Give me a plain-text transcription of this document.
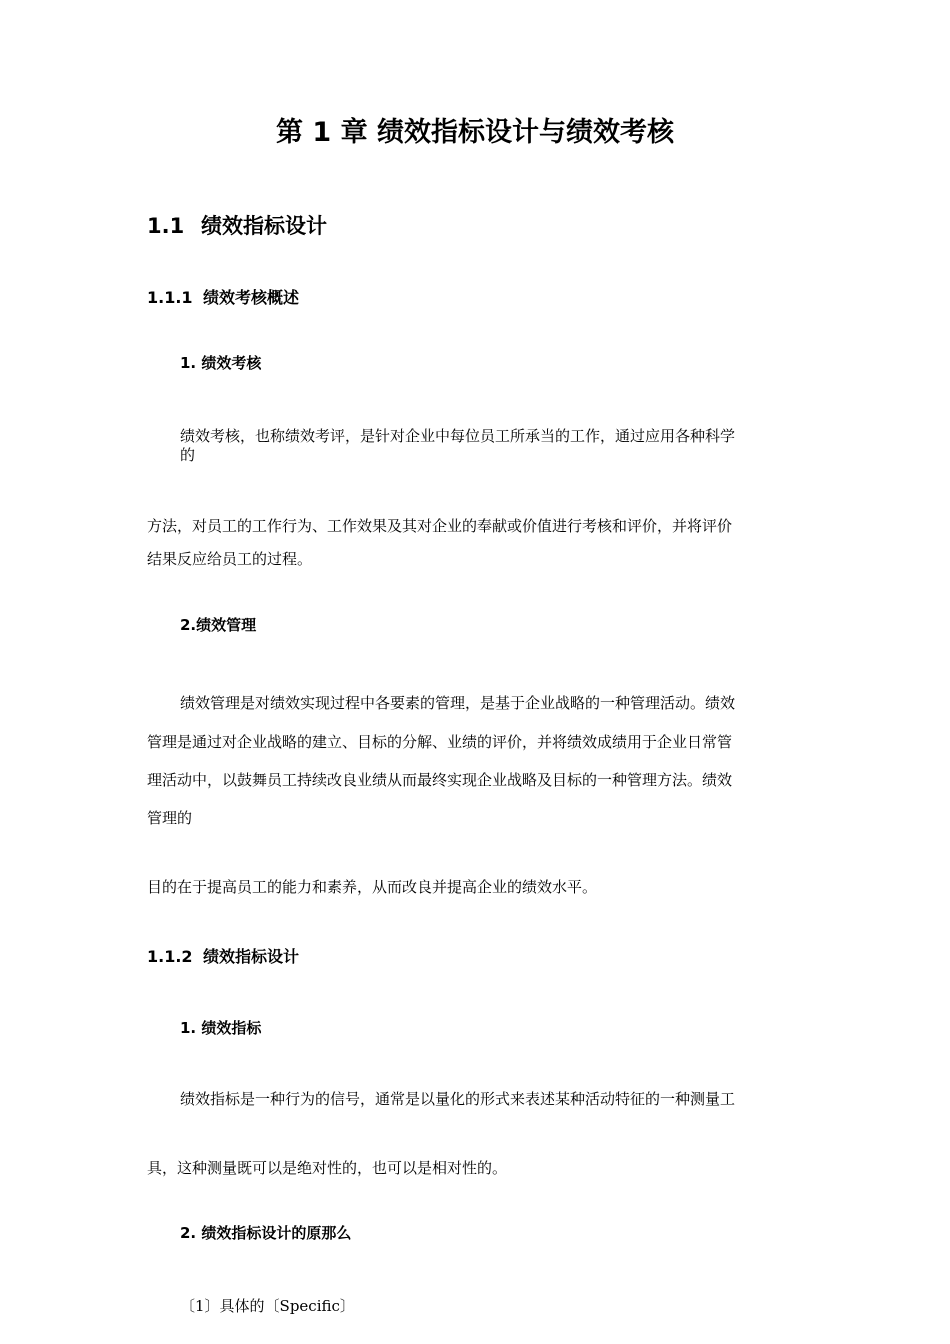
第 1 章 绩效指标设计与绩效考核
1.1 绩效指标设计
1.1.1 绩效考核概述
1. 绩效考核
绩效考核，也称绩效考评，是针对企业中每位员工所承当的工作，通过应用各种科学
的
方法，对员工的工作行为、工作效果及其对企业的奉献或价值进行考核和评价，并将评价
结果反应给员工的过程。
2.绩效管理
绩效管理是对绩效实现过程中各要素的管理，是基于企业战略的一种管理活动。绩效
管理是通过对企业战略的建立、目标的分解、业绩的评价，并将绩效成绩用于企业日常管
理活动中，以鼓舞员工持续改良业绩从而最终实现企业战略及目标的一种管理方法。绩效
管理的
目的在于提高员工的能力和素养，从而改良并提高企业的绩效水平。
1.1.2 绩效指标设计
1. 绩效指标
绩效指标是一种行为的信号，通常是以量化的形式来表述某种活动特征的一种测量工
具，这种测量既可以是绝对性的，也可以是相对性的。
2. 绩效指标设计的原那么
〔1〕具体的〔Specific〕
